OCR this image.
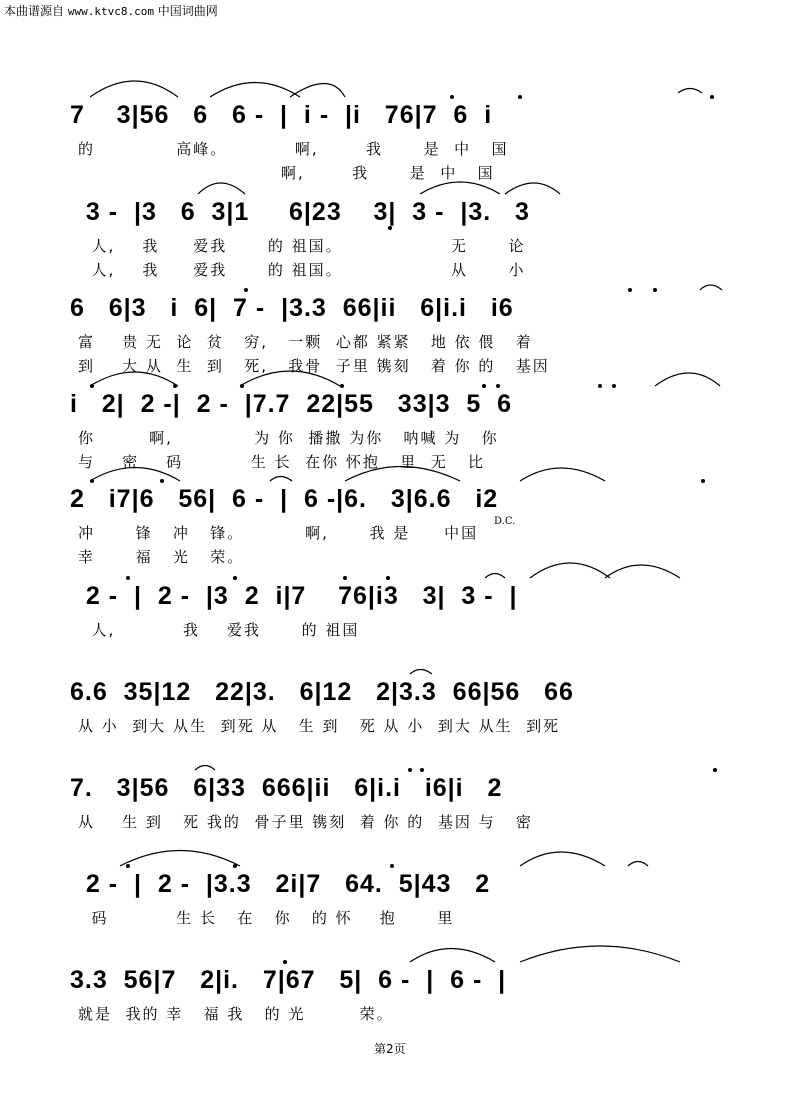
本曲谱源自 www.ktvc8.com 中国词曲网
7    3|56   6   6 -  |  i -  |i   76|7  6  i
的            高峰。          啊,       我      是  中   国
啊,       我      是  中   国
3 -  |3   6  3|1     6|23    3|  3 -  |3.   3
人,    我     爱我      的 祖国。                无      论
人,    我     爱我      的 祖国。                从      小
6   6|3   i  6|  7 -  |3.3  66|ii   6|i.i   i6
富    贵 无  论  贫   穷,   一颗  心都 紧紧   地 依 偎   着
到    大 从  生  到   死,   我骨  子里 镌刻   着 你 的   基因
i   2|  2 -|  2 -  |7.7  22|55   33|3  5  6
你        啊,            为 你  播撒 为你   呐喊 为   你
与    密    码          生 长  在你 怀抱   里  无   比
2   i7|6   56|  6 -  |  6 -|6.   3|6.6   i2
冲      锋   冲   锋。         啊,      我 是     中国
幸      福   光   荣。
D.C.
2 -  |  2 -  |3  2  i|7    76|i3   3|  3 -  |
人,          我    爱我      的 祖国
6.6  35|12   22|3.   6|12   2|3.3  66|56   66
从 小  到大 从生  到死 从   生 到   死 从 小  到大 从生  到死
7.   3|56   6|33  666|ii   6|i.i   i6|i   2
从    生 到   死 我的  骨子里 镌刻  着 你 的  基因 与   密
2 -  |  2 -  |3.3   2i|7   64.  5|43   2
码          生 长   在   你   的 怀    抱      里
3.3  56|7   2|i.   7|67   5|  6 -  |  6 -  |
就是  我的 幸   福 我   的 光        荣。
第2页
